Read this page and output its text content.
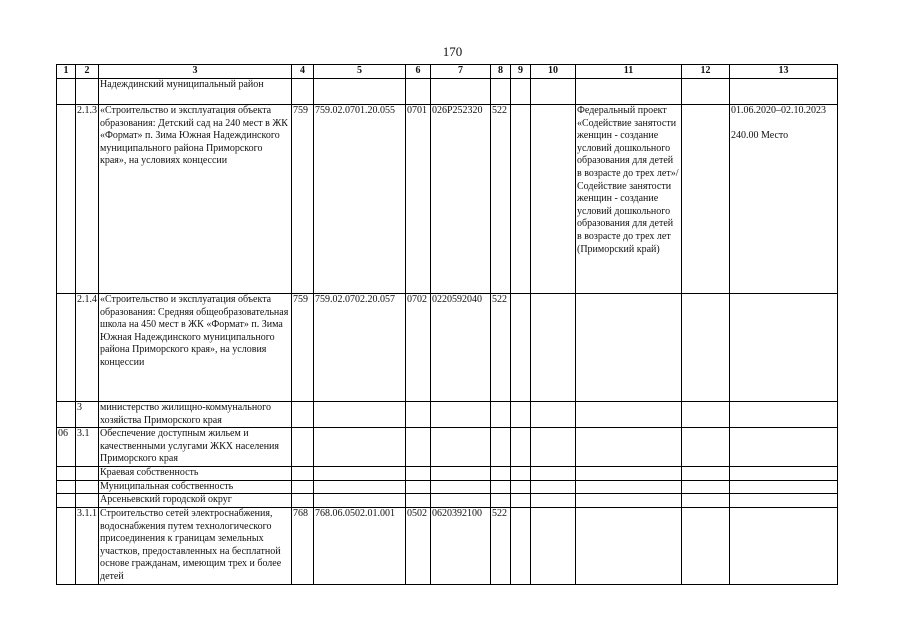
170
1	2	3	4	5	6	7	8	9	10	11	12	13
		Надеждинский муниципальный район										

	2.1.3	«Строительство и эксплуатация объекта образования: Детский сад на 240 мест в ЖК «Формат» п. Зима Южная Надеждинского муниципального района Приморского края», на условиях концессии	759	759.02.0701.20.055	0701	026P252320	522			Федеральный проект «Содействие занятости женщин - создание условий дошкольного образования для детей в возрасте до трех лет»/Содействие занятости женщин - создание условий дошкольного образования для детей в возрасте до трех лет (Приморский край)		01.06.2020–02.10.2023
240.00 Место

	2.1.4	«Строительство и эксплуатация объекта образования: Средняя общеобразовательная школа на 450 мест в ЖК «Формат» п. Зима Южная Надеждинского муниципального района Приморского края», на условия концессии	759	759.02.0702.20.057	0702	0220592040	522					

	3	министерство жилищно-коммунального хозяйства Приморского края										

06	3.1	Обеспечение доступным жильем и качественными услугами ЖКХ населения Приморского края										

		Краевая собственность										

		Муниципальная собственность										

		Арсеньевский городской округ										

	3.1.1	Строительство сетей электроснабжения, водоснабжения путем технологического присоединения к границам земельных участков, предоставленных на бесплатной основе гражданам, имеющим трех и более детей	768	768.06.0502.01.001	0502	0620392100	522					
